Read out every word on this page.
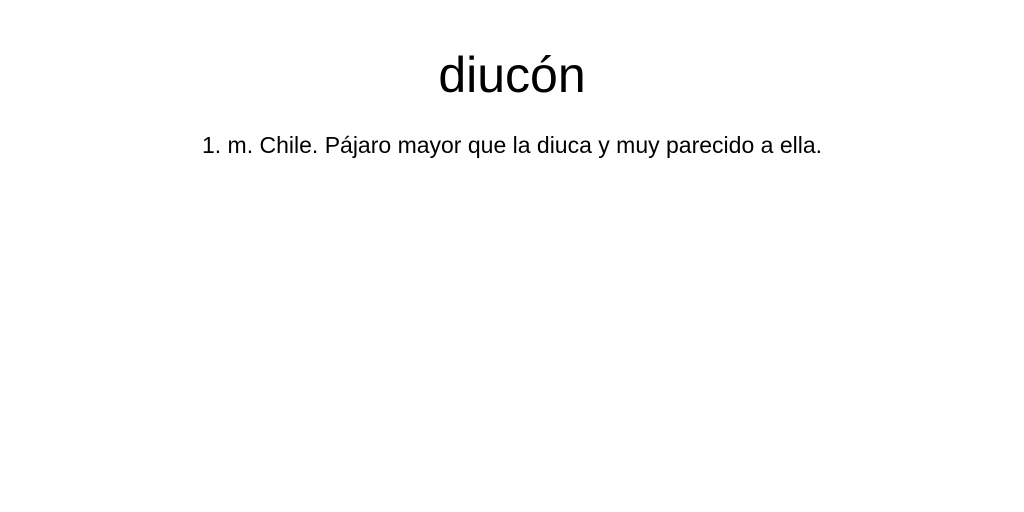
diucón

1. m. Chile. Pájaro mayor que la diuca y muy parecido a ella.
